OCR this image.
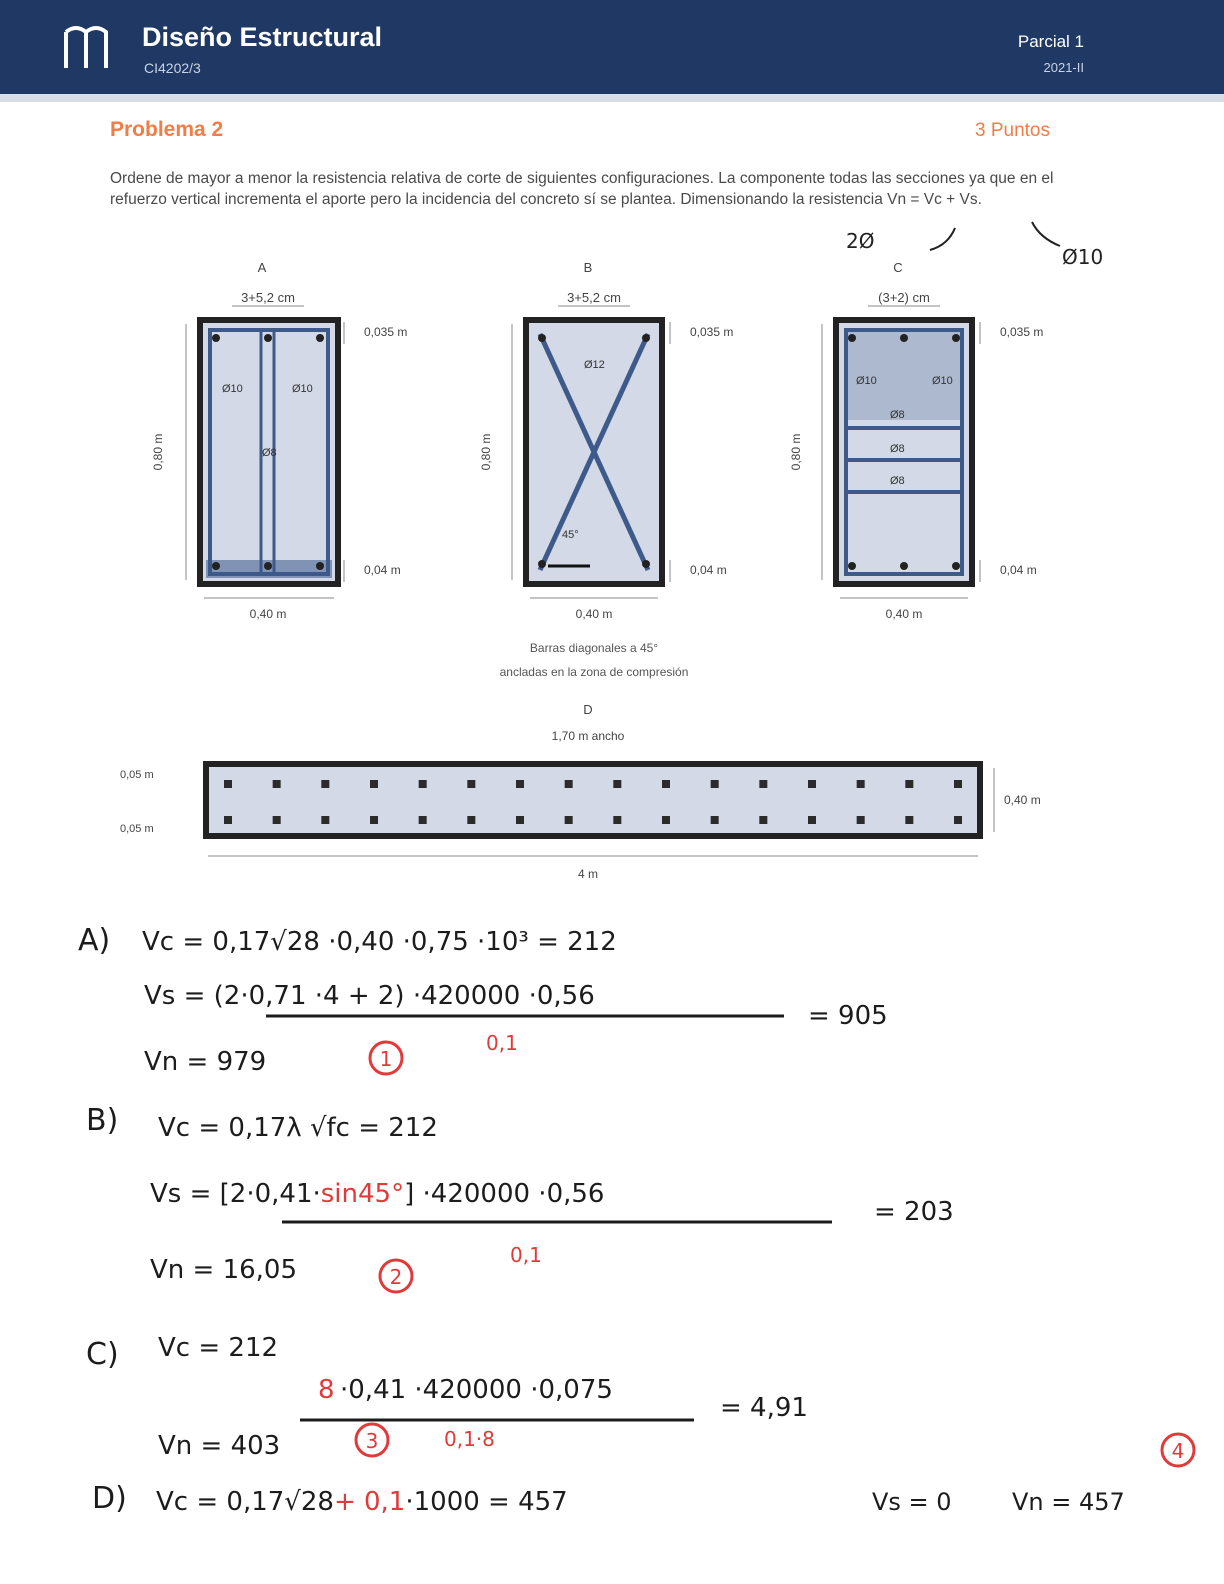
Diseño Estructural
CI4202/3
Parcial 1
2021-II
Problema 2	3 Puntos
Ordene de mayor a menor la resistencia relativa de corte de siguientes configuraciones. La componente todas las secciones ya que en el refuerzo vertical incrementa el aporte pero la incidencia del concreto sí se plantea. Dimensionando la resistencia Vn = Vc + Vs.
2Ø
Ø10
A
3+5,2 cm
Ø10	Ø10
Ø8
0,80 m
0,40 m
0,035 m
0,04 m
B
3+5,2 cm
Ø12
45°
0,80 m
0,40 m
0,035 m
0,04 m
Barras diagonales a 45°
ancladas en la zona de compresión
C
(3+2) cm
Ø10	Ø10
Ø8
Ø8
Ø8
0,80 m
0,40 m
0,035 m
0,04 m
D
1,70 m ancho
0,05 m
0,05 m
0,40 m
4 m
A) Vc = 0,17√28 ·0,40 ·0,75 ·10³ = 212
Vs = (2·0,71 ·4 + 2) ·420000 ·0,56
0,1
= 905
Vn = 979	1
B) Vc = 0,17λ √fc = 212
Vs = [2·0,41·sin45°] ·420000 ·0,56
0,1
= 203
Vn = 16,05	2
C) Vc = 212
8 ·0,41 ·420000 ·0,075
0,1·8
= 4,91
Vn = 403	3
D) Vc = 0,17√28+ 0,1·1000 = 457	Vs = 0	Vn = 457
4
